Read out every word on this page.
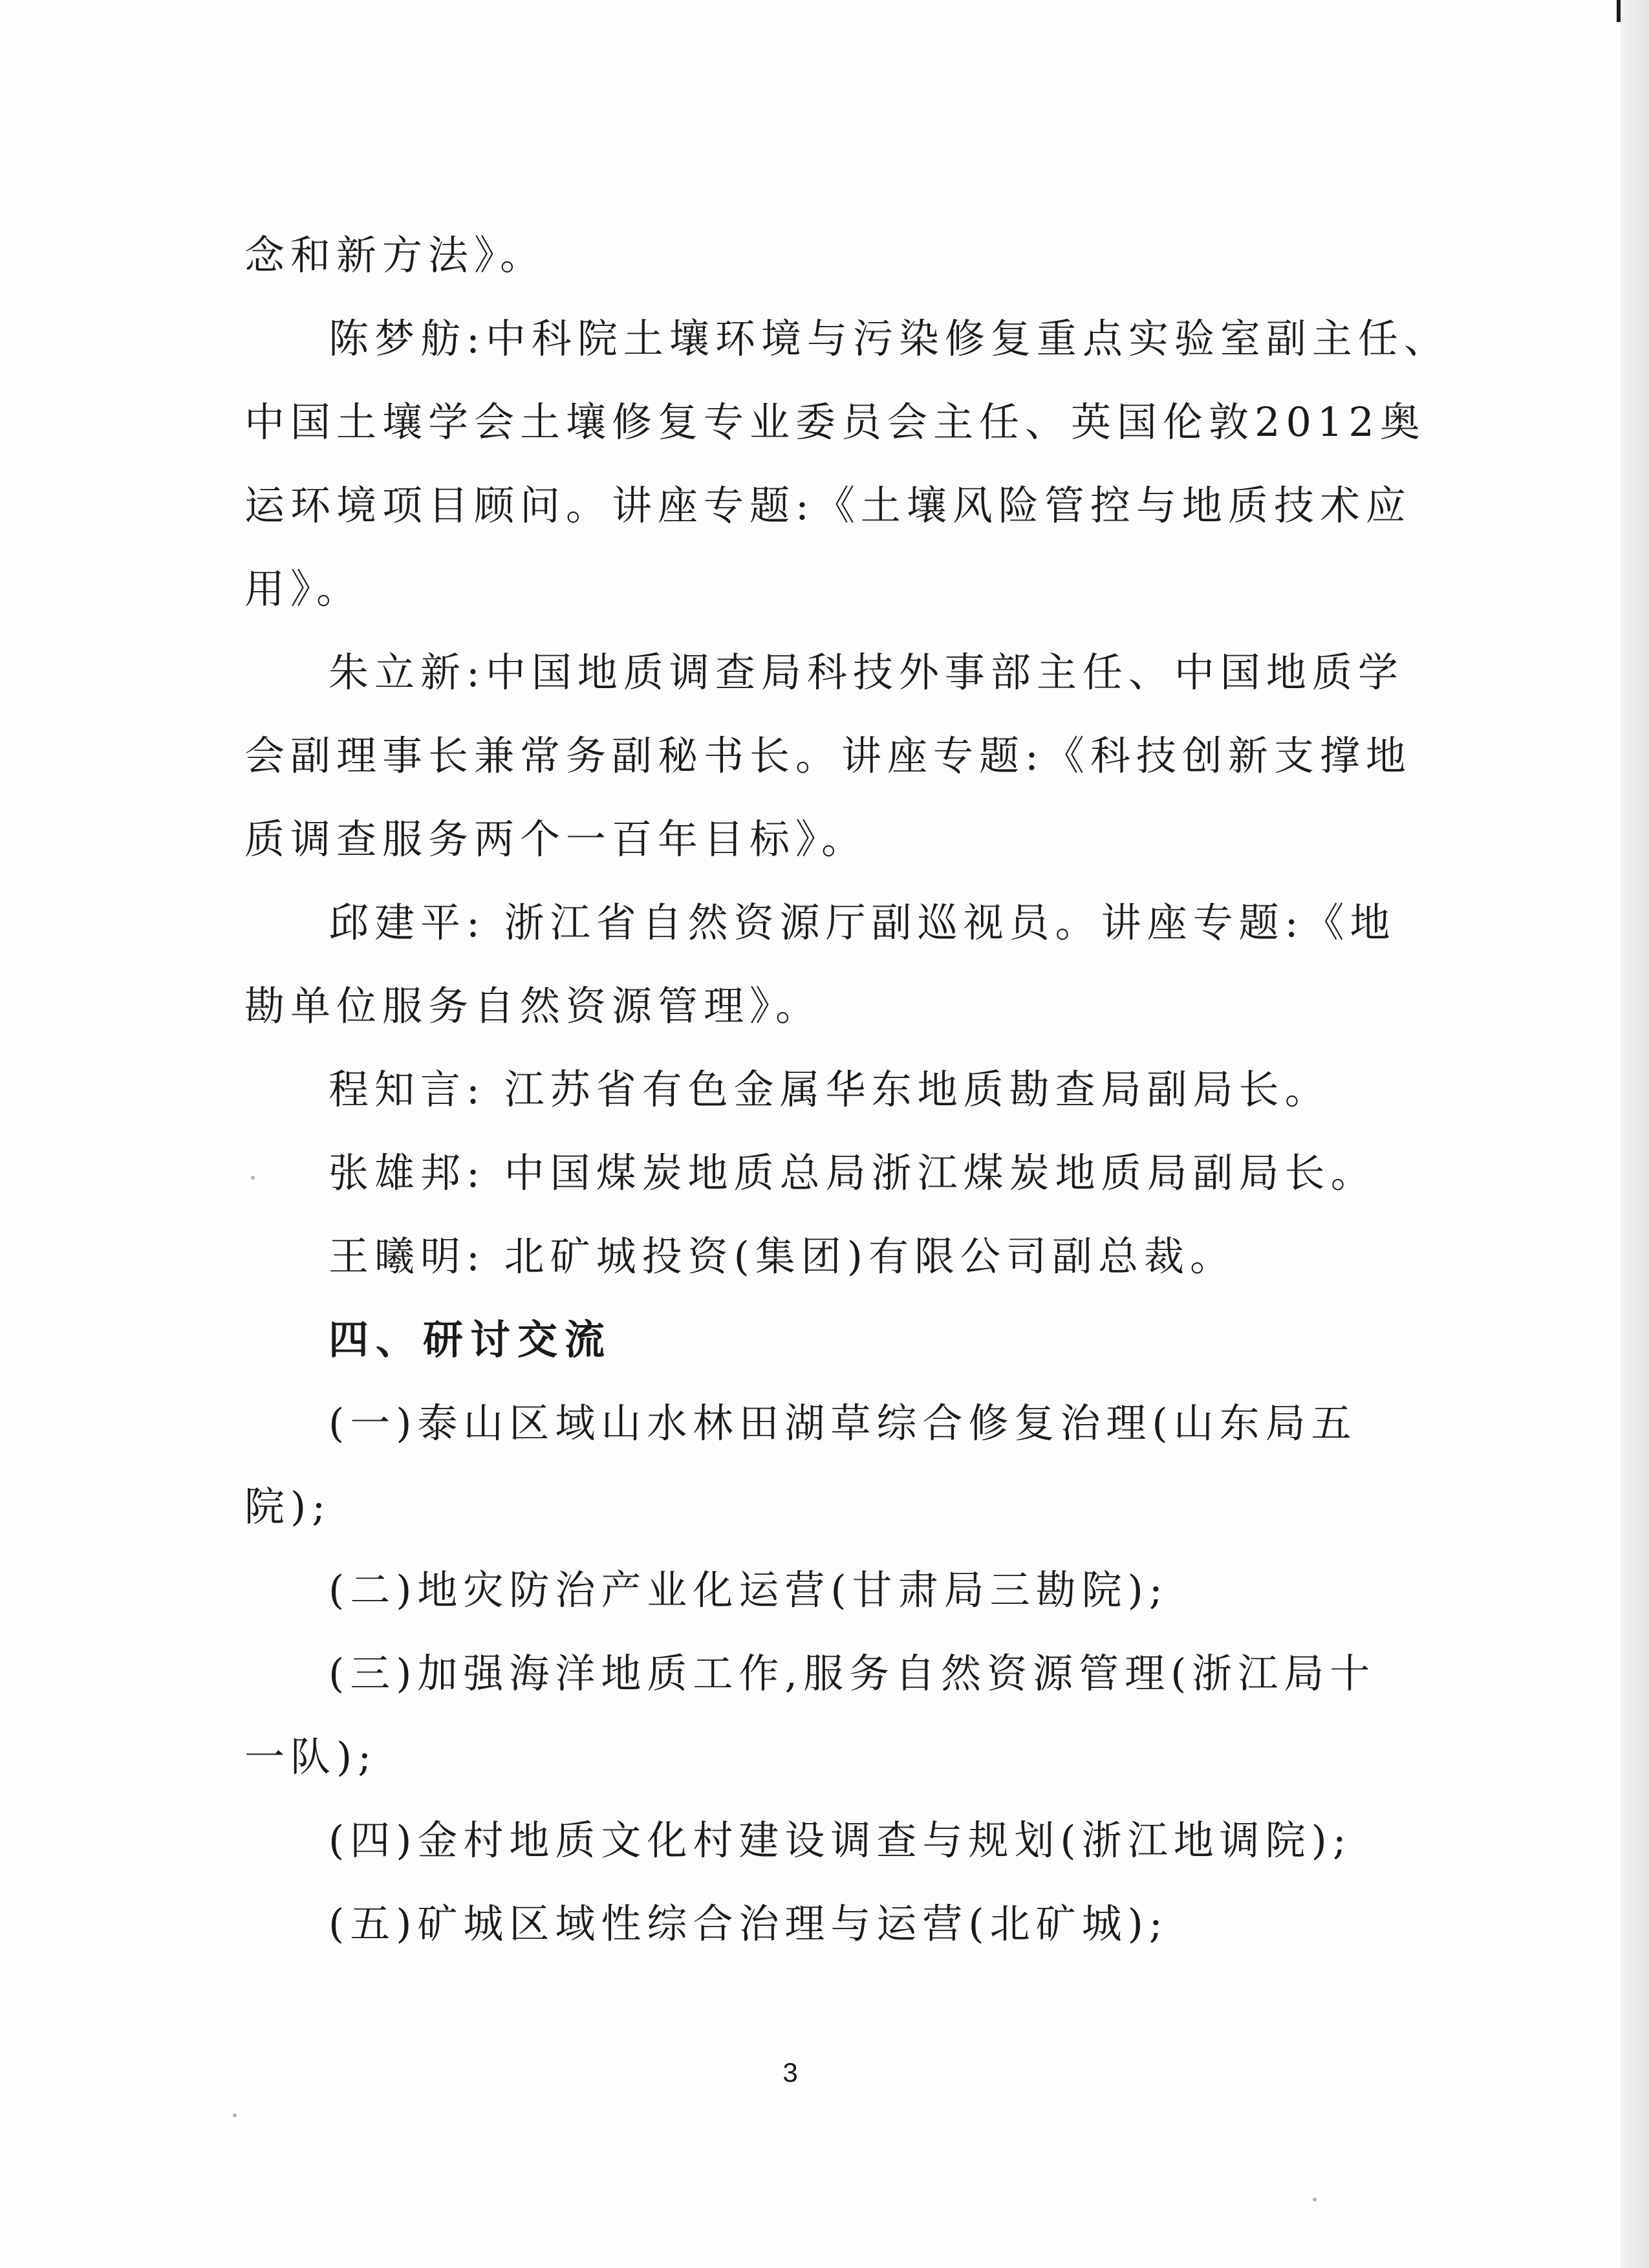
念和新方法》。
陈梦舫:中科院土壤环境与污染修复重点实验室副主任、
中国土壤学会土壤修复专业委员会主任、英国伦敦2012奥
运环境项目顾问。讲座专题:《土壤风险管控与地质技术应
用》。
朱立新:中国地质调查局科技外事部主任、中国地质学
会副理事长兼常务副秘书长。讲座专题:《科技创新支撑地
质调查服务两个一百年目标》。
邱建平: 浙江省自然资源厅副巡视员。讲座专题:《地
勘单位服务自然资源管理》。
程知言: 江苏省有色金属华东地质勘查局副局长。
张雄邦: 中国煤炭地质总局浙江煤炭地质局副局长。
王曦明: 北矿城投资(集团)有限公司副总裁。
四、研讨交流
(一)泰山区域山水林田湖草综合修复治理(山东局五
院);
(二)地灾防治产业化运营(甘肃局三勘院);
(三)加强海洋地质工作,服务自然资源管理(浙江局十
一队);
(四)金村地质文化村建设调查与规划(浙江地调院);
(五)矿城区域性综合治理与运营(北矿城);
3
